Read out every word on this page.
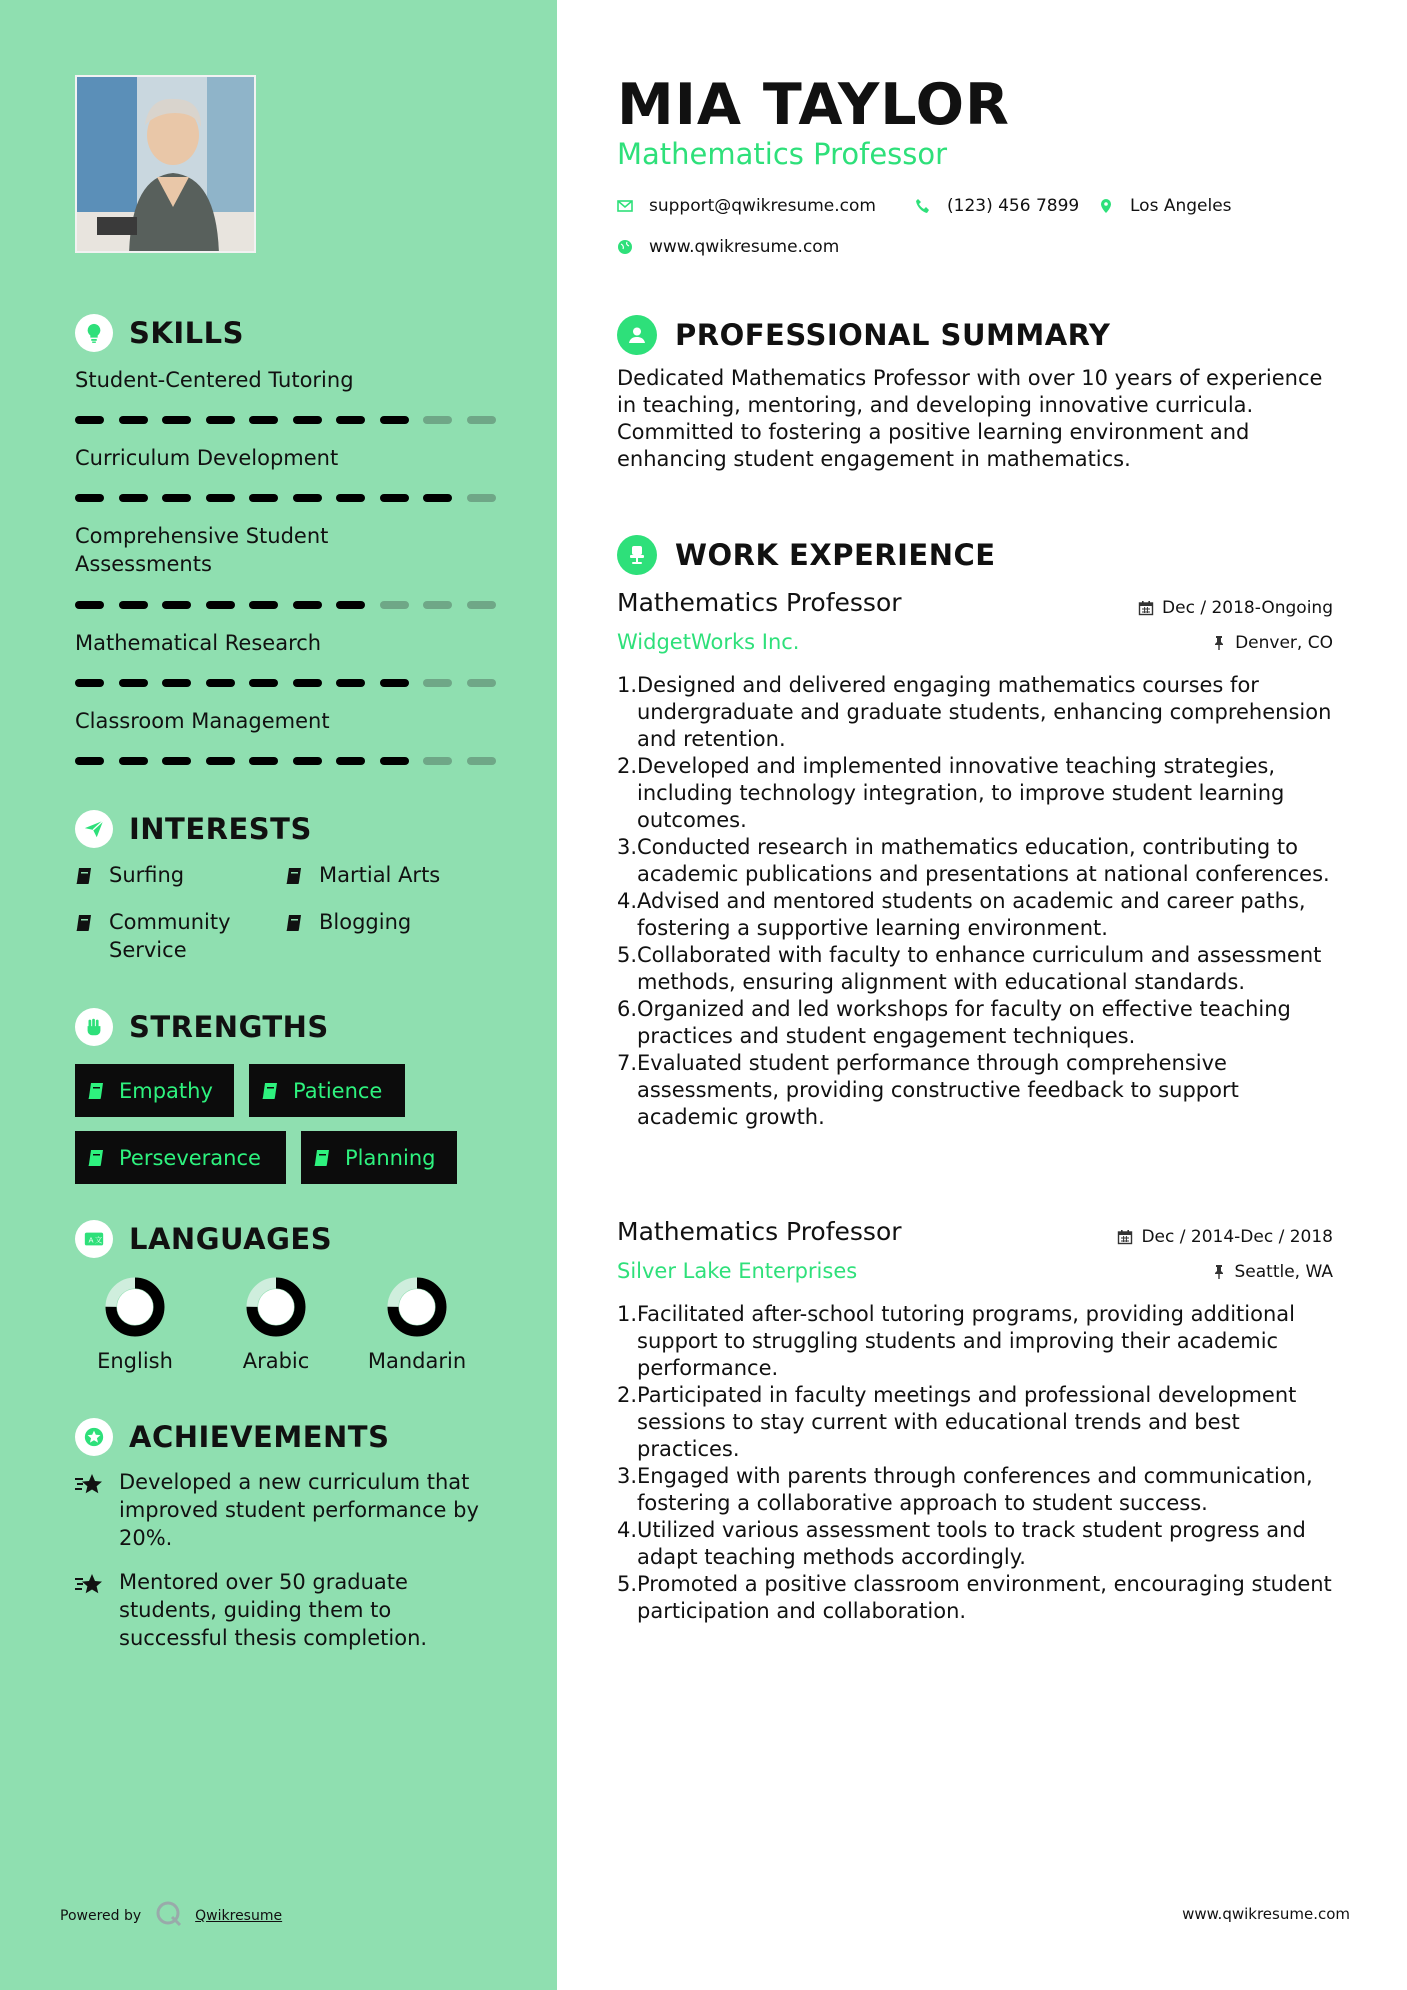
SKILLS
Student-Centered Tutoring
Curriculum Development
Comprehensive Student Assessments
Mathematical Research
Classroom Management
INTERESTS
Surfing	Martial Arts
Community Service
Blogging
STRENGTHS
Empathy	Patience
Perseverance	Planning
A 文 LANGUAGES
English	Arabic	Mandarin
ACHIEVEMENTS
Developed a new curriculum that improved student performance by 20%.
Mentored over 50 graduate students, guiding them to successful thesis completion.
Powered by	Qwikresume
MIA TAYLOR
Mathematics Professor
support@qwikresume.com	(123) 456 7899	Los Angeles
www.qwikresume.com
PROFESSIONAL SUMMARY
Dedicated Mathematics Professor with over 10 years of experience in teaching, mentoring, and developing innovative curricula. Committed to fostering a positive learning environment and enhancing student engagement in mathematics.
WORK EXPERIENCE
Mathematics Professor	Dec / 2018-Ongoing
WidgetWorks Inc.	Denver, CO
1. Designed and delivered engaging mathematics courses for undergraduate and graduate students, enhancing comprehension and retention.
2. Developed and implemented innovative teaching strategies, including technology integration, to improve student learning outcomes.
3. Conducted research in mathematics education, contributing to academic publications and presentations at national conferences.
4. Advised and mentored students on academic and career paths, fostering a supportive learning environment.
5. Collaborated with faculty to enhance curriculum and assessment methods, ensuring alignment with educational standards.
6. Organized and led workshops for faculty on effective teaching practices and student engagement techniques.
7. Evaluated student performance through comprehensive assessments, providing constructive feedback to support academic growth.
Mathematics Professor	Dec / 2014-Dec / 2018
Silver Lake Enterprises	Seattle, WA
1. Facilitated after-school tutoring programs, providing additional support to struggling students and improving their academic performance.
2. Participated in faculty meetings and professional development sessions to stay current with educational trends and best practices.
3. Engaged with parents through conferences and communication, fostering a collaborative approach to student success.
4. Utilized various assessment tools to track student progress and adapt teaching methods accordingly.
5. Promoted a positive classroom environment, encouraging student participation and collaboration.
www.qwikresume.com
